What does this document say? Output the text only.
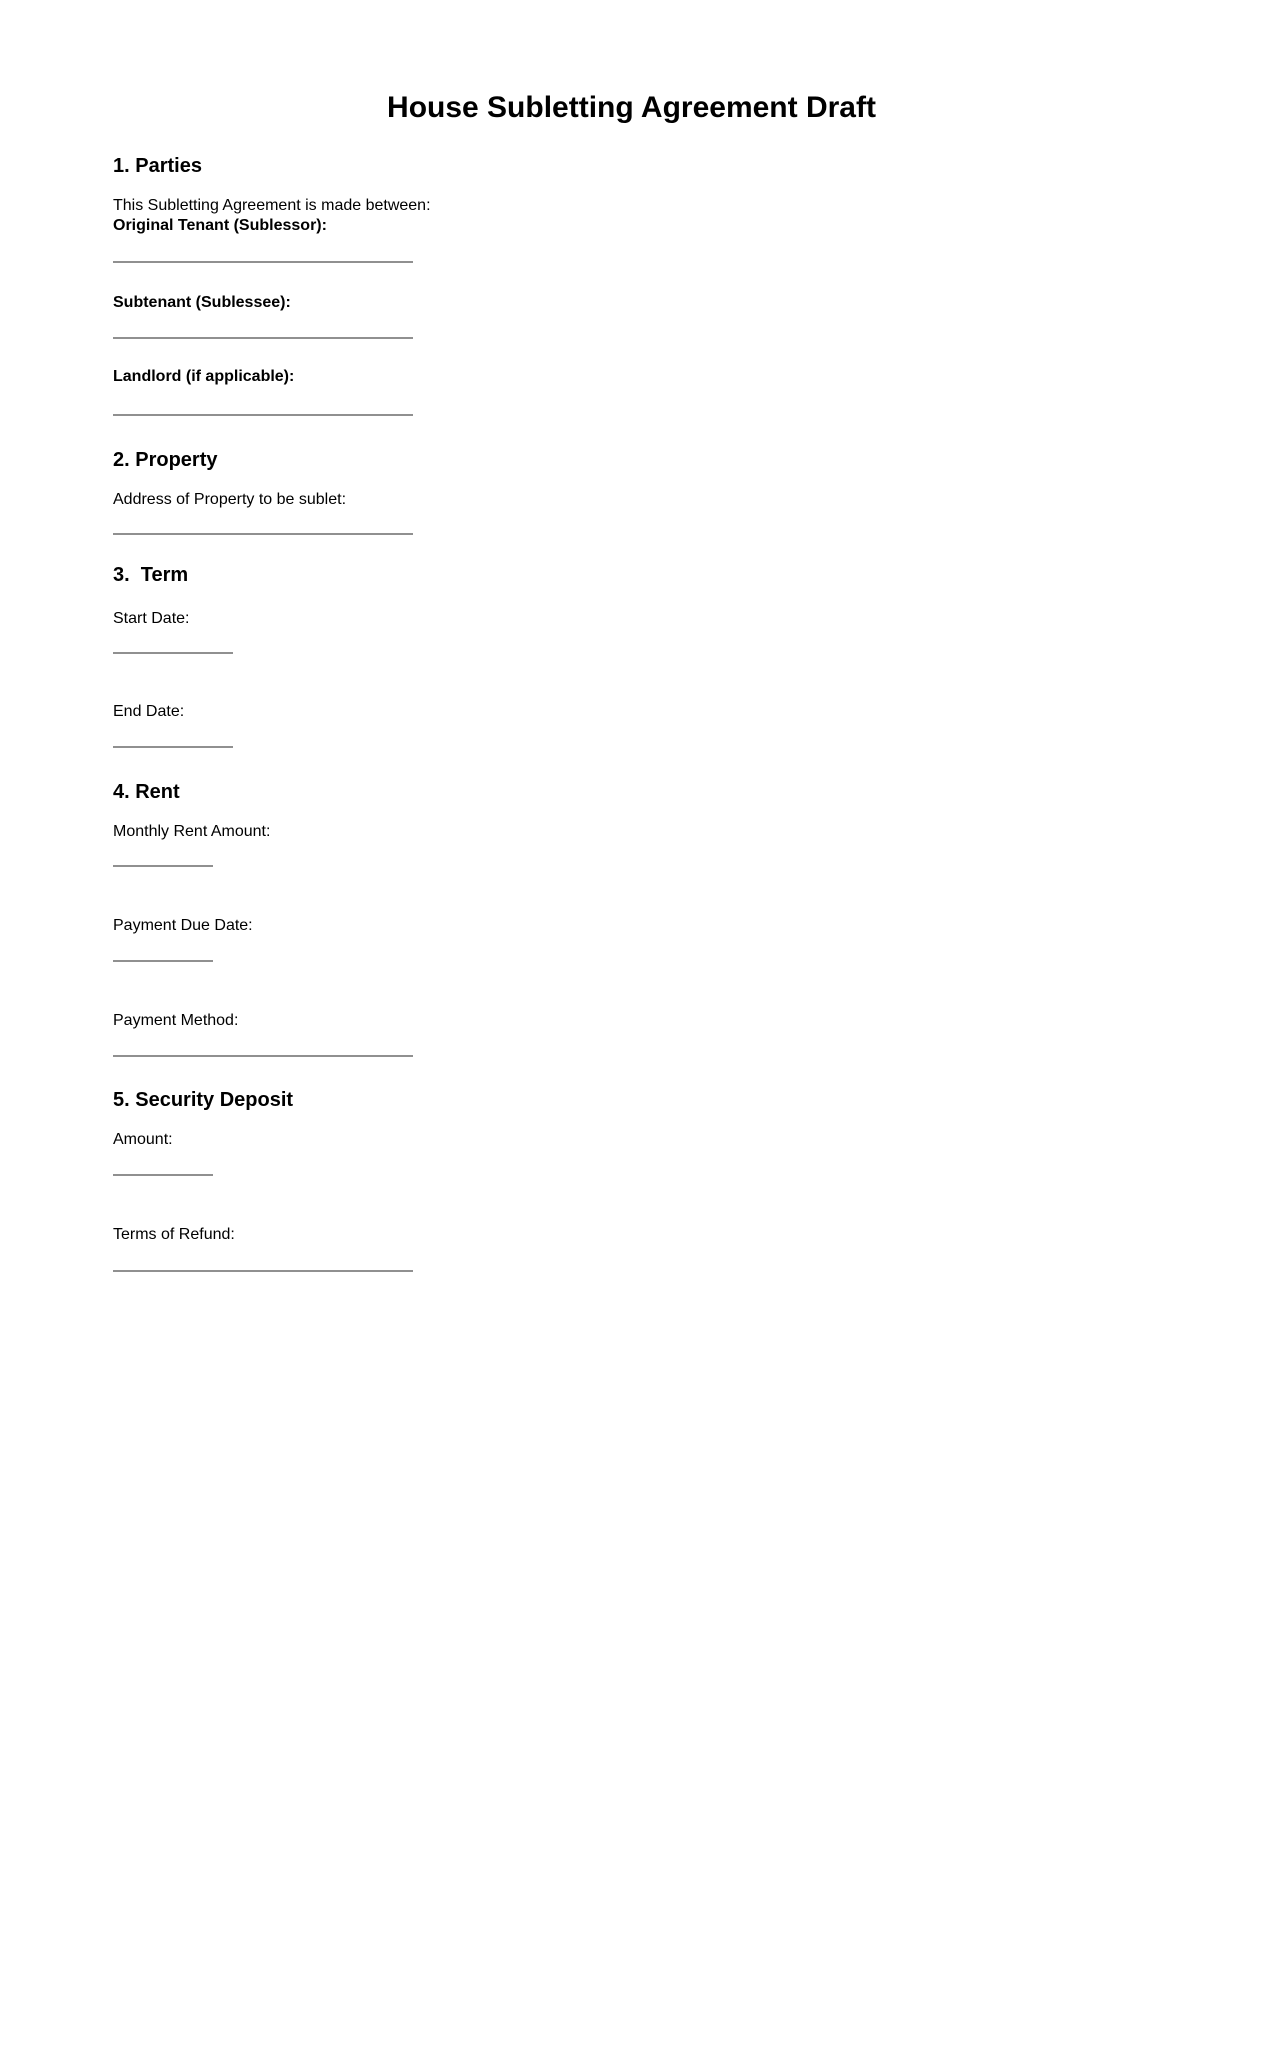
House Subletting Agreement Draft
1. Parties
This Subletting Agreement is made between:
Original Tenant (Sublessor):
Subtenant (Sublessee):
Landlord (if applicable):
2. Property
Address of Property to be sublet:
3.  Term
Start Date:
End Date:
4. Rent
Monthly Rent Amount:
Payment Due Date:
Payment Method:
5. Security Deposit
Amount:
Terms of Refund:
